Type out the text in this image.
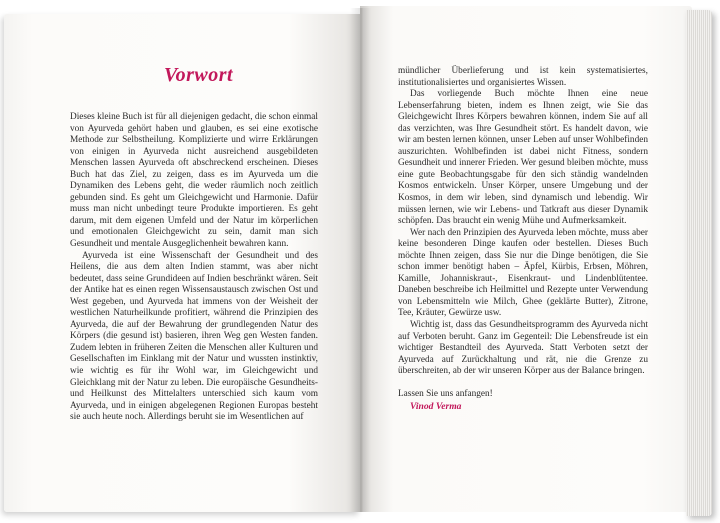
Vorwort

Dieses kleine Buch ist für all diejenigen gedacht, die schon einmal von Ayurveda gehört haben und glauben, es sei eine exotische Methode zur Selbstheilung. Komplizierte und wirre Erklärungen von einigen in Ayurveda nicht ausreichend ausgebildeten Menschen lassen Ayurveda oft abschreckend erscheinen. Dieses Buch hat das Ziel, zu zeigen, dass es im Ayurveda um die Dynamiken des Lebens geht, die weder räumlich noch zeitlich gebunden sind. Es geht um Gleichgewicht und Harmonie. Dafür muss man nicht unbedingt teure Produkte importieren. Es geht darum, mit dem eigenen Umfeld und der Natur im körperlichen und emotionalen Gleichgewicht zu sein, damit man sich Gesundheit und mentale Ausgeglichenheit bewahren kann.

Ayurveda ist eine Wissenschaft der Gesundheit und des Heilens, die aus dem alten Indien stammt, was aber nicht bedeutet, dass seine Grundideen auf Indien beschränkt wären. Seit der Antike hat es einen regen Wissensaustausch zwischen Ost und West gegeben, und Ayurveda hat immens von der Weisheit der westlichen Naturheilkunde profitiert, während die Prinzipien des Ayurveda, die auf der Bewahrung der grundlegenden Natur des Körpers (die gesund ist) basieren, ihren Weg gen Westen fanden. Zudem lebten in früheren Zeiten die Menschen aller Kulturen und Gesellschaften im Einklang mit der Natur und wussten instinktiv, wie wichtig es für ihr Wohl war, im Gleichgewicht und Gleichklang mit der Natur zu leben. Die europäische Gesundheits- und Heilkunst des Mittelalters unterschied sich kaum vom Ayurveda, und in einigen abgelegenen Regionen Europas besteht sie auch heute noch. Allerdings beruht sie im Wesentlichen auf

mündlicher Überlieferung und ist kein systematisiertes, institutionalisiertes und organisiertes Wissen.

Das vorliegende Buch möchte Ihnen eine neue Lebenserfahrung bieten, indem es Ihnen zeigt, wie Sie das Gleichgewicht Ihres Körpers bewahren können, indem Sie auf all das verzichten, was Ihre Gesundheit stört. Es handelt davon, wie wir am besten lernen können, unser Leben auf unser Wohlbefinden auszurichten. Wohlbefinden ist dabei nicht Fitness, sondern Gesundheit und innerer Frieden. Wer gesund bleiben möchte, muss eine gute Beobachtungsgabe für den sich ständig wandelnden Kosmos entwickeln. Unser Körper, unsere Umgebung und der Kosmos, in dem wir leben, sind dynamisch und lebendig. Wir müssen lernen, wie wir Lebens- und Tatkraft aus dieser Dynamik schöpfen. Das braucht ein wenig Mühe und Aufmerksamkeit.

Wer nach den Prinzipien des Ayurveda leben möchte, muss aber keine besonderen Dinge kaufen oder bestellen. Dieses Buch möchte Ihnen zeigen, dass Sie nur die Dinge benötigen, die Sie schon immer benötigt haben – Äpfel, Kürbis, Erbsen, Möhren, Kamille, Johanniskraut-, Eisenkraut- und Lindenblütentee. Daneben beschreibe ich Heilmittel und Rezepte unter Verwendung von Lebensmitteln wie Milch, Ghee (geklärte Butter), Zitrone, Tee, Kräuter, Gewürze usw.

Wichtig ist, dass das Gesundheitsprogramm des Ayurveda nicht auf Verboten beruht. Ganz im Gegenteil: Die Lebensfreude ist ein wichtiger Bestandteil des Ayurveda. Statt Verboten setzt der Ayurveda auf Zurückhaltung und rät, nie die Grenze zu überschreiten, ab der wir unseren Körper aus der Balance bringen.

Lassen Sie uns anfangen!

Vinod Verma
